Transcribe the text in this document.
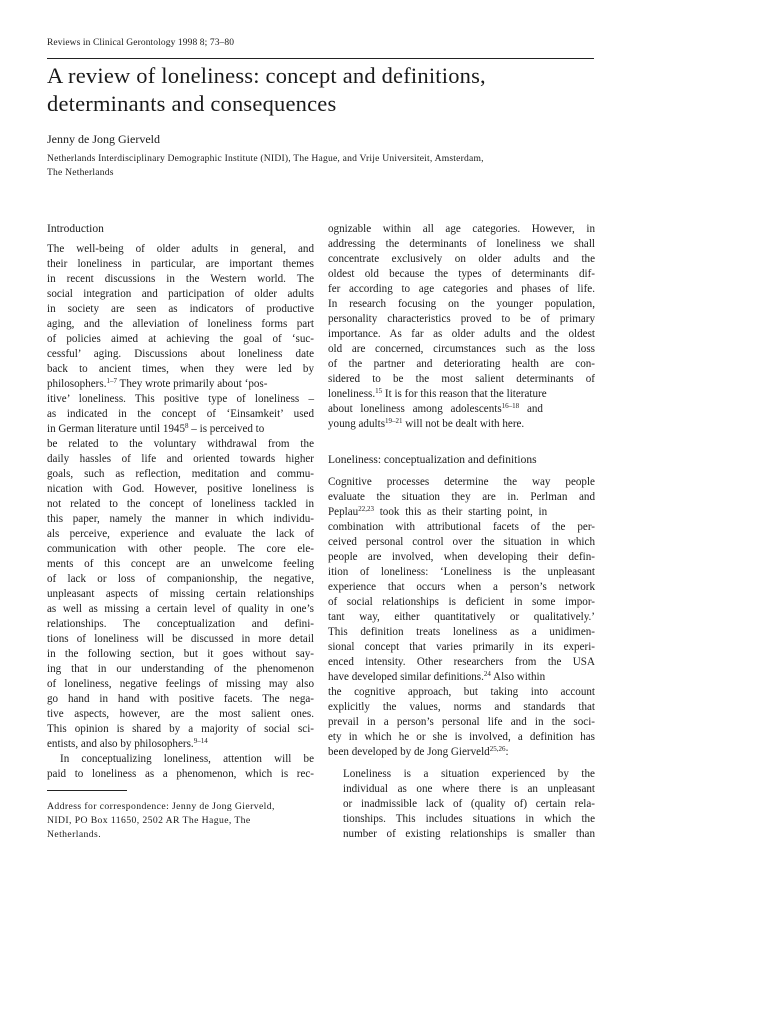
Reviews in Clinical Gerontology 1998 8; 73–80
A review of loneliness: concept and definitions,
determinants and consequences
Jenny de Jong Gierveld
Netherlands Interdisciplinary Demographic Institute (NIDI), The Hague, and Vrije Universiteit, Amsterdam,
The Netherlands
Introduction
The well-being of older adults in general, and
their loneliness in particular, are important themes
in recent discussions in the Western world. The
social integration and participation of older adults
in society are seen as indicators of productive
aging, and the alleviation of loneliness forms part
of policies aimed at achieving the goal of ‘suc-
cessful’ aging. Discussions about loneliness date
back to ancient times, when they were led by
philosophers.$^{1-7}$ They wrote primarily about ‘pos-
itive’ loneliness. This positive type of loneliness –
as indicated in the concept of ‘Einsamkeit’ used
in German literature until 1945$^8$ – is perceived to
be related to the voluntary withdrawal from the
daily hassles of life and oriented towards higher
goals, such as reflection, meditation and commu-
nication with God. However, positive loneliness is
not related to the concept of loneliness tackled in
this paper, namely the manner in which individu-
als perceive, experience and evaluate the lack of
communication with other people. The core ele-
ments of this concept are an unwelcome feeling
of lack or loss of companionship, the negative,
unpleasant aspects of missing certain relationships
as well as missing a certain level of quality in one’s
relationships. The conceptualization and defini-
tions of loneliness will be discussed in more detail
in the following section, but it goes without say-
ing that in our understanding of the phenomenon
of loneliness, negative feelings of missing may also
go hand in hand with positive facets. The nega-
tive aspects, however, are the most salient ones.
This opinion is shared by a majority of social sci-
entists, and also by philosophers.$^{9-14}$
In conceptualizing loneliness, attention will be
paid to loneliness as a phenomenon, which is rec-
ognizable within all age categories. However, in
addressing the determinants of loneliness we shall
concentrate exclusively on older adults and the
oldest old because the types of determinants dif-
fer according to age categories and phases of life.
In research focusing on the younger population,
personality characteristics proved to be of primary
importance. As far as older adults and the oldest
old are concerned, circumstances such as the loss
of the partner and deteriorating health are con-
sidered to be the most salient determinants of
loneliness.$^{15}$ It is for this reason that the literature
about loneliness among adolescents$^{16-18}$ and
young adults$^{19-21}$ will not be dealt with here.
Loneliness: conceptualization and definitions
Cognitive processes determine the way people
evaluate the situation they are in. Perlman and
Peplau$^{22,23}$ took this as their starting point, in
combination with attributional facets of the per-
ceived personal control over the situation in which
people are involved, when developing their defin-
ition of loneliness: ‘Loneliness is the unpleasant
experience that occurs when a person’s network
of social relationships is deficient in some impor-
tant way, either quantitatively or qualitatively.’
This definition treats loneliness as a unidimen-
sional concept that varies primarily in its experi-
enced intensity. Other researchers from the USA
have developed similar definitions.$^{24}$ Also within
the cognitive approach, but taking into account
explicitly the values, norms and standards that
prevail in a person’s personal life and in the soci-
ety in which he or she is involved, a definition has
been developed by de Jong Gierveld$^{25,26}$:
Loneliness is a situation experienced by the
individual as one where there is an unpleasant
or inadmissible lack of (quality of) certain rela-
tionships. This includes situations in which the
number of existing relationships is smaller than
Address for correspondence: Jenny de Jong Gierveld,
NIDI, PO Box 11650, 2502 AR The Hague, The
Netherlands.
